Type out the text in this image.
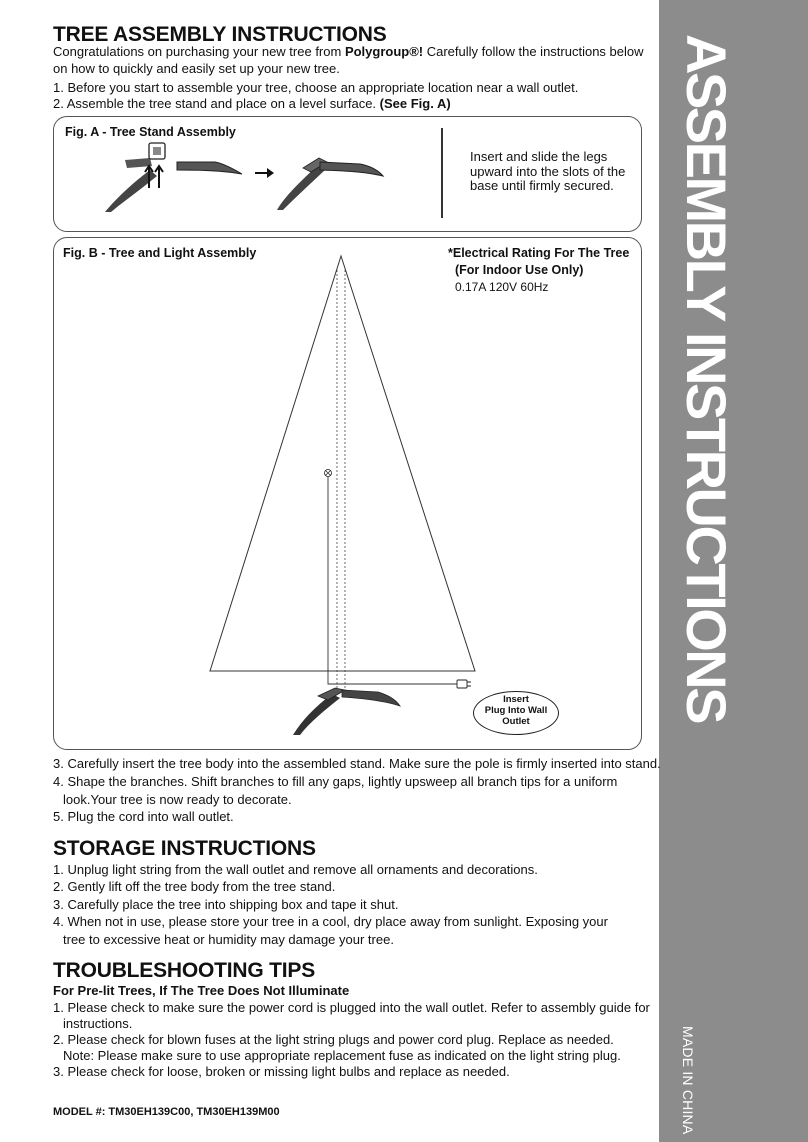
ASSEMBLY INSTRUCTIONS
MADE IN CHINA
TREE ASSEMBLY INSTRUCTIONS
Congratulations on purchasing your new tree from Polygroup®! Carefully follow the instructions below
on how to quickly and easily set up your new tree.
1. Before you start to assemble your tree, choose an appropriate location near a wall outlet.
2. Assemble the tree stand and place on a level surface. (See Fig. A)
Fig. A - Tree Stand Assembly
Insert and slide the legs
upward into the slots of the
base until firmly secured.
Fig. B - Tree and Light Assembly	*Electrical Rating For The Tree
(For Indoor Use Only)
0.17A 120V 60Hz
Insert
Plug Into Wall
Outlet
3. Carefully insert the tree body into the assembled stand. Make sure the pole is firmly inserted into stand.
4. Shape the branches. Shift branches to fill any gaps, lightly upsweep all branch tips for a uniform
look.Your tree is now ready to decorate.
5. Plug the cord into wall outlet.
STORAGE INSTRUCTIONS
1. Unplug light string from the wall outlet and remove all ornaments and decorations.
2. Gently lift off the tree body from the tree stand.
3. Carefully place the tree into shipping box and tape it shut.
4. When not in use, please store your tree in a cool, dry place away from sunlight. Exposing your
tree to excessive heat or humidity may damage your tree.
TROUBLESHOOTING TIPS
For Pre-lit Trees, If The Tree Does Not Illuminate
1. Please check to make sure the power cord is plugged into the wall outlet. Refer to assembly guide for
instructions.
2. Please check for blown fuses at the light string plugs and power cord plug. Replace as needed.
Note: Please make sure to use appropriate replacement fuse as indicated on the light string plug.
3. Please check for loose, broken or missing light bulbs and replace as needed.
MODEL #: TM30EH139C00, TM30EH139M00
